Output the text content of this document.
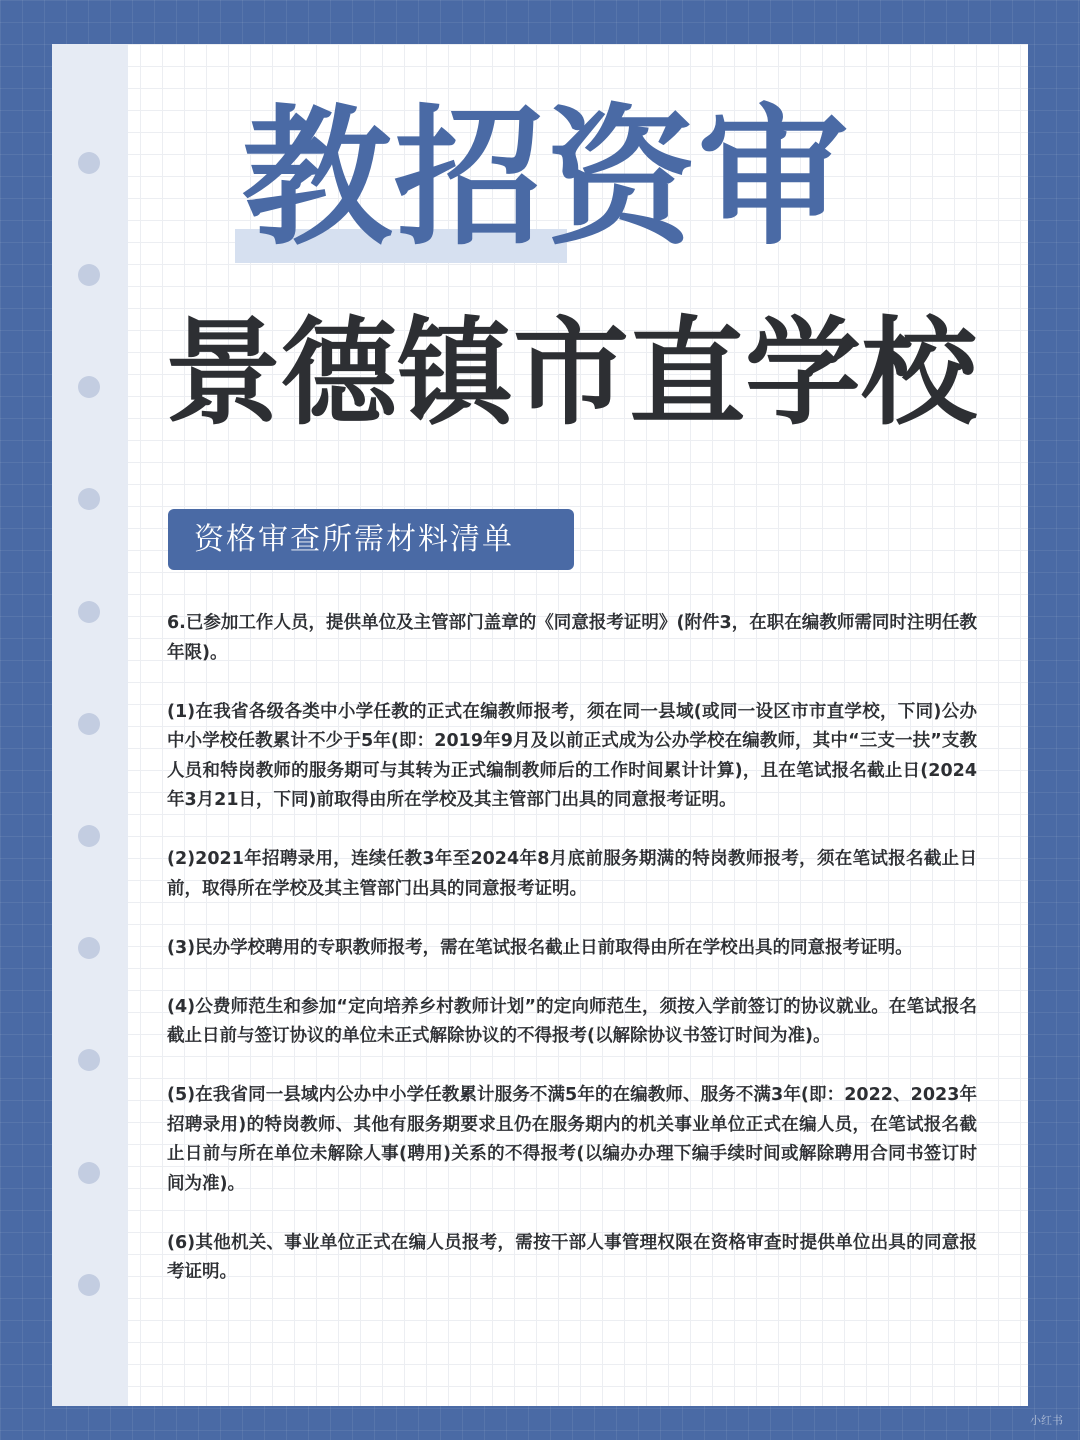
教招资审
景德镇市直学校
资格审查所需材料清单

6.已参加工作人员，提供单位及主管部门盖章的《同意报考证明》(附件3，在职在编教师需同时注明任教年限)。

(1)在我省各级各类中小学任教的正式在编教师报考，须在同一县域(或同一设区市市直学校，下同)公办中小学校任教累计不少于5年(即：2019年9月及以前正式成为公办学校在编教师，其中“三支一扶”支教人员和特岗教师的服务期可与其转为正式编制教师后的工作时间累计计算)，且在笔试报名截止日(2024年3月21日，下同)前取得由所在学校及其主管部门出具的同意报考证明。

(2)2021年招聘录用，连续任教3年至2024年8月底前服务期满的特岗教师报考，须在笔试报名截止日前，取得所在学校及其主管部门出具的同意报考证明。

(3)民办学校聘用的专职教师报考，需在笔试报名截止日前取得由所在学校出具的同意报考证明。

(4)公费师范生和参加“定向培养乡村教师计划”的定向师范生，须按入学前签订的协议就业。在笔试报名截止日前与签订协议的单位未正式解除协议的不得报考(以解除协议书签订时间为准)。

(5)在我省同一县域内公办中小学任教累计服务不满5年的在编教师、服务不满3年(即：2022、2023年招聘录用)的特岗教师、其他有服务期要求且仍在服务期内的机关事业单位正式在编人员，在笔试报名截止日前与所在单位未解除人事(聘用)关系的不得报考(以编办办理下编手续时间或解除聘用合同书签订时间为准)。

(6)其他机关、事业单位正式在编人员报考，需按干部人事管理权限在资格审查时提供单位出具的同意报考证明。

小红书
